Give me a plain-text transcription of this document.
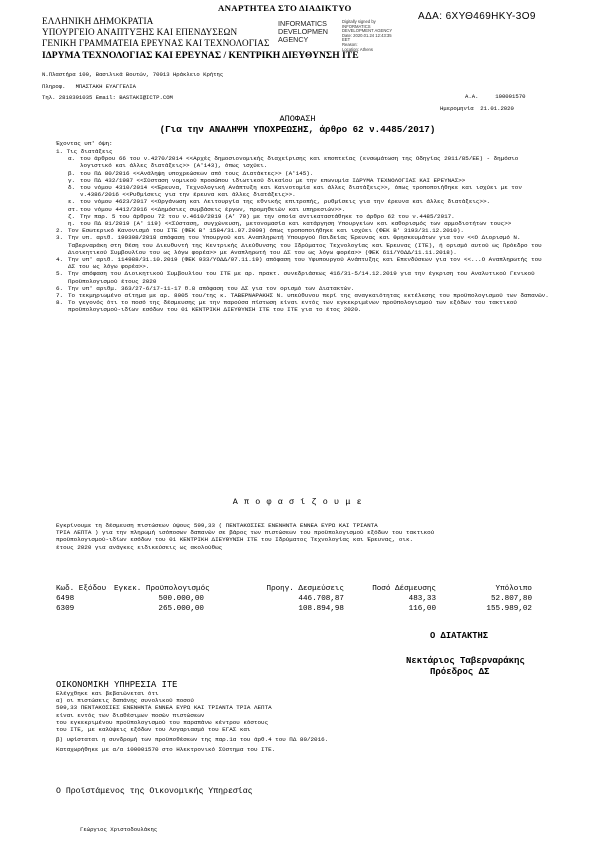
ΑΝΑΡΤΗΤΕΑ ΣΤΟ ΔΙΑΔΙΚΤΥΟ
ΑΔΑ: 6ΧΥΘ469ΗΚΥ-3Ο9
ΕΛΛΗΝΙΚΗ ΔΗΜΟΚΡΑΤΙΑ
ΥΠΟΥΡΓΕΙΟ ΑΝΑΠΤΥΞΗΣ ΚΑΙ ΕΠΕΝΔΥΣΕΩΝ
ΓΕΝΙΚΗ ΓΡΑΜΜΑΤΕΙΑ ΕΡΕΥΝΑΣ ΚΑΙ ΤΕΧΝΟΛΟΓΙΑΣ
ΙΔΡΥΜΑ ΤΕΧΝΟΛΟΓΙΑΣ ΚΑΙ ΕΡΕΥΝΑΣ / ΚΕΝΤΡΙΚΗ ΔΙΕΥΘΥΝΣΗ ΙΤΕ
INFORMATICS
DEVELOPMEN
AGENCY
Digitally signed by
INFORMATICS
DEVELOPMENT AGENCY
Date: 2020.01.24 12:43:35
EET
Reason:
Location: Athens
Ν.Πλαστήρα 100, Βασιλικά Βουτών, 70013 Ηράκλειο Κρήτης
Πληροφ. ΜΠΑΣΤΑΚΗ ΕΥΑΓΓΕΛΙΑ
Τηλ. 2810391035 Email: BASTAKI@ICTP.COM	Α.Α.	100001570
Ημερομηνία 21.01.2020
ΑΠΟΦΑΣΗ
(Για την ΑΝΑΛΗΨΗ ΥΠΟΧΡΕΩΣΗΣ, άρθρο 62 ν.4485/2017)
Έχοντας υπ' όψη:
1. Τις διατάξεις
α. του άρθρου 66 του ν.4270/2014 <<Αρχές δημοσιονομικής διαχείρισης και εποπτείας (ενσωμάτωση της Οδηγίας 2011/85/ΕΕ) - δημόσιο λογιστικό και άλλες διατάξεις>> (Α'143), όπως ισχύει.
β. του ΠΔ 80/2016 <<Ανάληψη υποχρεώσεων από τους Διατάκτες>> (Α'145).
γ. του ΠΔ 432/1987 <<Σύσταση νομικού προσώπου ιδιωτικού δικαίου με την επωνυμία ΙΔΡΥΜΑ ΤΕΧΝΟΛΟΓΙΑΣ ΚΑΙ ΕΡΕΥΝΑΣ>>
δ. του νόμου 4310/2014 <<Έρευνα, Τεχνολογική Ανάπτυξη και Καινοτομία και άλλες διατάξεις>>, όπως τροποποιήθηκε και ισχύει με τον ν.4386/2016 <<Ρυθμίσεις για την έρευνα και άλλες διατάξεις>>.
ε. του νόμου 4623/2017 <<Οργάνωση και Λειτουργία της εθνικής επιτροπής, ρυθμίσεις για την έρευνα και άλλες διατάξεις>>.
στ. του νόμου 4412/2016 <<Δημόσιες συμβάσεις έργων, προμηθειών και υπηρεσιών>>.
ζ. Την παρ. 5 του άρθρου 72 του ν.4610/2019 (Α' 70) με την οποία αντικαταστάθηκε το άρθρο 62 του ν.4485/2017.
η. του ΠΔ 81/2019 (Α' 119) <<Σύσταση, συγχώνευση, μετονομασία και κατάργηση Υπουργείων και καθορισμός των αρμοδιοτήτων τους>>
2. Τον Εσωτερικό Κανονισμό του ΙΤΕ (ΦΕΚ Β' 1584/31.07.2009) όπως τροποποιήθηκε και ισχύει (ΦΕΚ Β' 3193/31.12.2010).
3. Την υπ. αριθ. 190308/2018 απόφαση του Υπουργού και Αναπληρωτή Υπουργού Παιδείας Έρευνας και Θρησκευμάτων για τον <<Ο Διορισμό Ν. Ταβερναράκη στη θέση του Διευθυντή της Κεντρικής Διεύθυνσης του Ιδρύματος Τεχνολογίας και Έρευνας (ΙΤΕ), ή ορισμό αυτού ως Πρόεδρο του Διοικητικού Συμβουλίου του ως λόγω φορέα>> με Αναπληρωτή του ΔΣ του ως λόγω φορέα>> (ΦΕΚ 611/ΥΟΔΔ/11.11.2018).
4. Την υπ' αριθ. 114988/31.10.2019 (ΦΕΚ 933/ΥΟΔΔ/07.11.19) απόφαση του Υφυπουργού Ανάπτυξης και Επενδύσεων για τον <<...Ο Αναπληρωτής του ΔΣ του ως λόγω φορέα>>.
5. Την απόφαση του Διοικητικού Συμβουλίου του ΙΤΕ με αρ. πρακτ. συνεδριάσεως 416/31-5/14.12.2019 για την έγκριση του Αναλυτικού Γενικού Προϋπολογισμού έτους 2020
6. Την υπ' αριθμ. 363/27-6/17-11-17 θ.8 απόφαση του ΔΣ για τον ορισμό των Διατακτών.
7. Το τεκμηριωμένο αίτημα με αρ. 8005 του/της κ. ΤΑΒΕΡΝΑΡΑΚΗΣ Ν. υπεύθυνου περί της αναγκαιότητας εκτέλεσης του προϋπολογισμού των δαπανών.
8. Το γεγονός ότι το ποσό της δέσμευσης με την παρούσα πίστωση είναι εντός των εγκεκριμένων προϋπολογισμού των εξόδων του τακτικού προϋπολογισμού-ιδίων εσόδων του 01 ΚΕΝΤΡΙΚΗ ΔΙΕΥΘΥΝΣΗ ΙΤΕ του ΙΤΕ για το έτος 2020.
Α π ο φ α σ ί ζ ο υ μ ε
Εγκρίνουμε τη δέσμευση πιστώσεων ύψους 599,33 ( ΠΕΝΤΑΚΟΣΙΕΣ ΕΝΕΝΗΝΤΑ ΕΝΝΕΑ ΕΥΡΩ ΚΑΙ ΤΡΙΑΝΤΑ
ΤΡΙΑ ΛΕΠΤΑ ) για την πληρωμή ισόποσων δαπανών σε βάρος των πιστώσεων του προϋπολογισμού εξόδων του τακτικού
προϋπολογισμού-ιδίων εσόδων του 01 ΚΕΝΤΡΙΚΗ ΔΙΕΥΘΥΝΣΗ ΙΤΕ του Ιδρύματος Τεχνολογίας και Έρευνας, οικ.
έτους 2020 για ανάγκες ειδικεύσεις ως ακολούθως
Κωδ. Εξόδου	Εγκεκ. Προϋπολογισμός	Προηγ. Δεσμεύσεις	Ποσό Δέσμευσης	Υπόλοιπο
6498	500.000,00	446.708,87	483,33	52.807,80
6309	265.000,00	108.894,98	116,00	155.989,02
Ο ΔΙΑΤΑΚΤΗΣ
Νεκτάριος Ταβερναράκης
Πρόεδρος ΔΣ
ΟΙΚΟΝΟΜΙΚΗ ΥΠΗΡΕΣΙΑ ΙΤΕ
Ελέγχθηκε και βεβαιώνεται ότι
α) οι πιστώσεις δαπάνης συνολικού ποσού
599,33 ΠΕΝΤΑΚΟΣΙΕΣ ΕΝΕΝΗΝΤΑ ΕΝΝΕΑ ΕΥΡΩ ΚΑΙ ΤΡΙΑΝΤΑ ΤΡΙΑ ΛΕΠΤΑ
είναι εντός των διαθέσιμων ποσών πιστώσεων
του εγκεκριμένου προϋπολογισμού του παραπάνω κέντρου κόστους
του ΙΤΕ, με καλύψεις εξόδων του Λογαριασμό του ΕΓΑΣ και
β) υφίσταται η συνδρομή των προϋποθέσεων της παρ.1α του άρθ.4 του ΠΔ 80/2016.
Καταχωρήθηκε με α/α 100001570 στο Ηλεκτρονικό Σύστημα του ΙΤΕ.
Ο Προϊστάμενος της Οικονομικής Υπηρεσίας
Γεώργιος Χριστοδουλάκης
